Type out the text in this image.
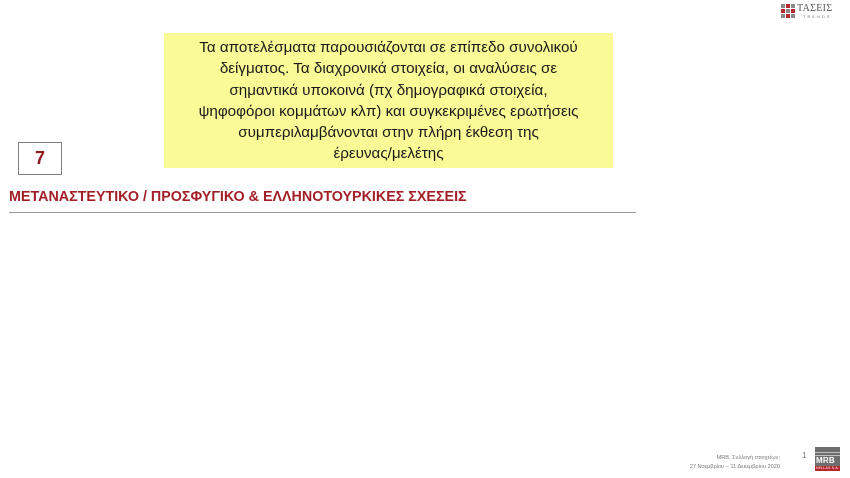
ΤΑΣΕΙΣ
TRENDS

Τα αποτελέσματα παρουσιάζονται σε επίπεδο συνολικού

δείγματος. Τα διαχρονικά στοιχεία, οι αναλύσεις σε

σημαντικά υποκοινά (πχ δημογραφικά στοιχεία,

ψηφοφόροι κομμάτων κλπ) και συγκεκριμένες ερωτήσεις

συμπεριλαμβάνονται στην πλήρη έκθεση της

έρευνας/μελέτης

7
ΜΕΤΑΝΑΣΤΕΥΤΙΚΟ / ΠΡΟΣΦΥΓΙΚΟ & ΕΛΛΗΝΟΤΟΥΡΚΙΚΕΣ ΣΧΕΣΕΙΣ
MRB, Συλλογή στοιχείων:
27 Νοεμβρίου – 11 Δεκεμβρίου 2020
1
MRB
HELLAS S.A.
